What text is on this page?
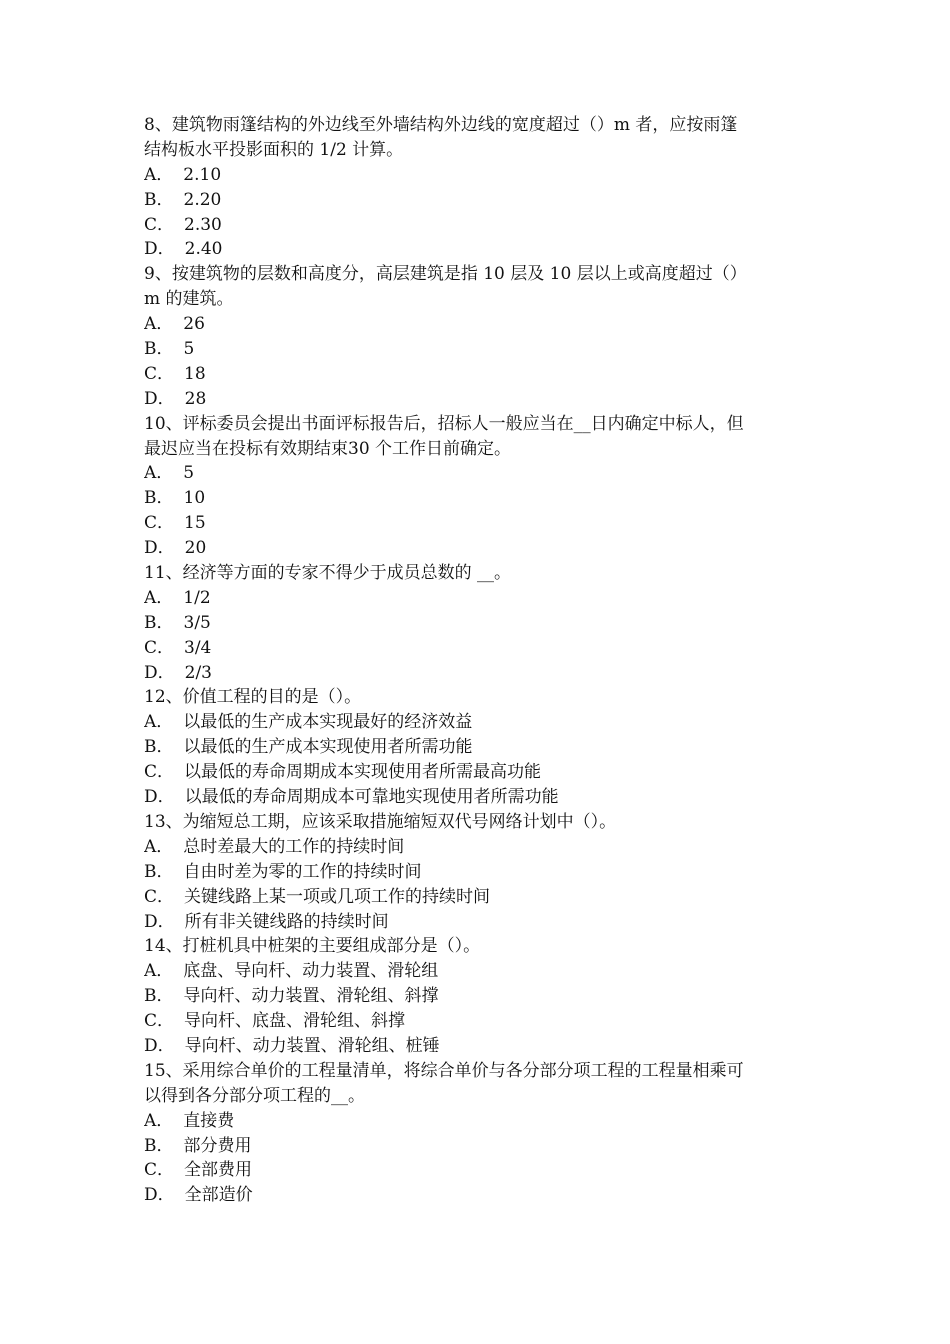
8、建筑物雨篷结构的外边线至外墙结构外边线的宽度超过（）m 者，应按雨篷
结构板水平投影面积的 1/2 计算。
A． 2.10
B． 2.20
C． 2.30
D． 2.40
9、按建筑物的层数和高度分，高层建筑是指 10 层及 10 层以上或高度超过（）
m 的建筑。
A． 26
B． 5
C． 18
D． 28
10、评标委员会提出书面评标报告后，招标人一般应当在__日内确定中标人，但
最迟应当在投标有效期结束30 个工作日前确定。
A． 5
B． 10
C． 15
D． 20
11、经济等方面的专家不得少于成员总数的 __。
A． 1/2
B． 3/5
C． 3/4
D． 2/3
12、价值工程的目的是（）。
A． 以最低的生产成本实现最好的经济效益
B． 以最低的生产成本实现使用者所需功能
C． 以最低的寿命周期成本实现使用者所需最高功能
D． 以最低的寿命周期成本可靠地实现使用者所需功能
13、为缩短总工期，应该采取措施缩短双代号网络计划中（）。
A． 总时差最大的工作的持续时间
B． 自由时差为零的工作的持续时间
C． 关键线路上某一项或几项工作的持续时间
D． 所有非关键线路的持续时间
14、打桩机具中桩架的主要组成部分是（）。
A． 底盘、导向杆、动力装置、滑轮组
B． 导向杆、动力装置、滑轮组、斜撑
C． 导向杆、底盘、滑轮组、斜撑
D． 导向杆、动力装置、滑轮组、桩锤
15、采用综合单价的工程量清单，将综合单价与各分部分项工程的工程量相乘可
以得到各分部分项工程的__。
A． 直接费
B． 部分费用
C． 全部费用
D． 全部造价
